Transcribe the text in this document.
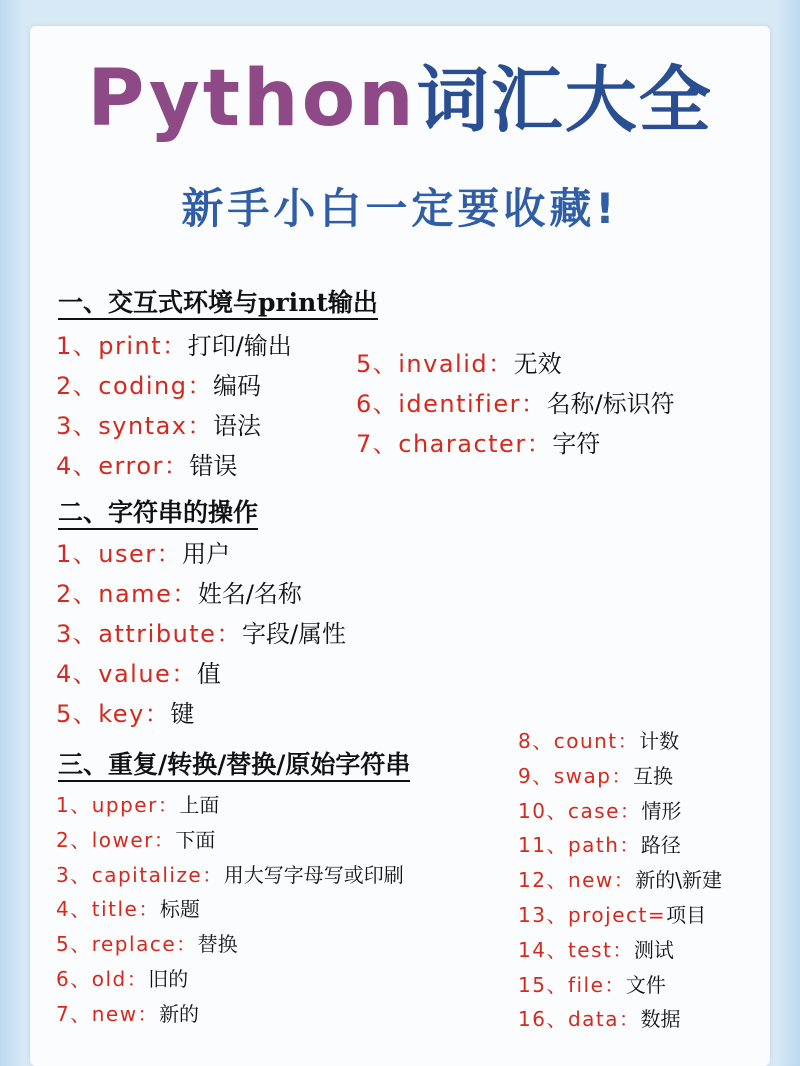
Python词汇大全
新手小白一定要收藏!
一、交互式环境与print输出
1、print：打印/输出
2、coding：编码
3、syntax：语法
4、error：错误
5、invalid：无效
6、identifier：名称/标识符
7、character：字符
二、字符串的操作
1、user：用户
2、name：姓名/名称
3、attribute：字段/属性
4、value：值
5、key：键
三、重复/转换/替换/原始字符串
1、upper：上面
2、lower：下面
3、capitalize：用大写字母写或印刷
4、title：标题
5、replace：替换
6、old：旧的
7、new：新的
8、count：计数
9、swap：互换
10、case：情形
11、path：路径
12、new：新的\新建
13、project=项目
14、test：测试
15、file：文件
16、data：数据
